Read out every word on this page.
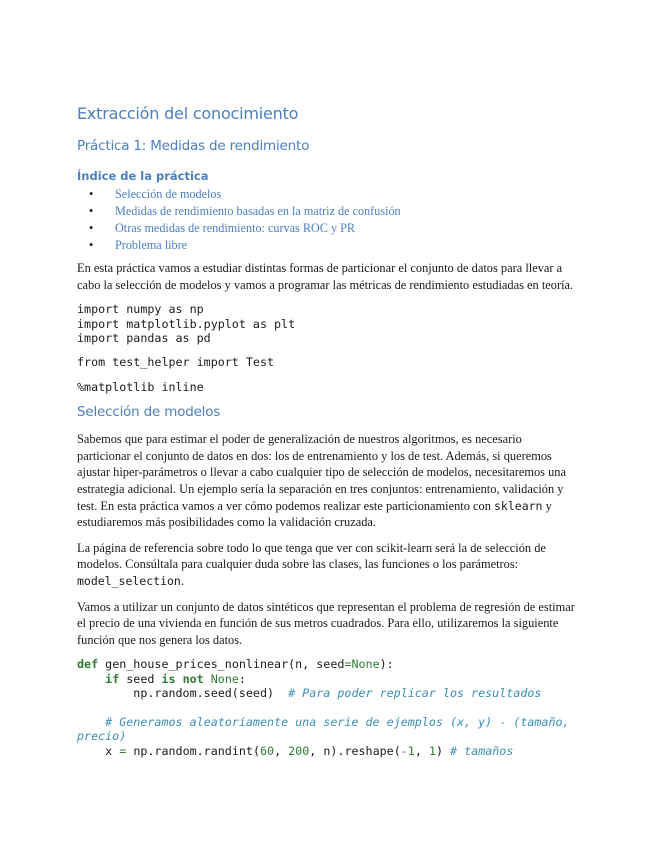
Extracción del conocimiento
Práctica 1: Medidas de rendimiento
Índice de la práctica
• Selección de modelos
• Medidas de rendimiento basadas en la matriz de confusión
• Otras medidas de rendimiento: curvas ROC y PR
• Problema libre

En esta práctica vamos a estudiar distintas formas de particionar el conjunto de datos para llevar a cabo la selección de modelos y vamos a programar las métricas de rendimiento estudiadas en teoría.

import numpy as np
import matplotlib.pyplot as plt
import pandas as pd
from test_helper import Test
%matplotlib inline
Selección de modelos

Sabemos que para estimar el poder de generalización de nuestros algoritmos, es necesario particionar el conjunto de datos en dos: los de entrenamiento y los de test. Además, si queremos ajustar hiper-parámetros o llevar a cabo cualquier tipo de selección de modelos, necesitaremos una estrategia adicional. Un ejemplo sería la separación en tres conjuntos: entrenamiento, validación y test. En esta práctica vamos a ver cómo podemos realizar este particionamiento con sklearn y estudiaremos más posibilidades como la validación cruzada.

La página de referencia sobre todo lo que tenga que ver con scikit-learn será la de selección de modelos. Consúltala para cualquier duda sobre las clases, las funciones o los parámetros: model_selection.

Vamos a utilizar un conjunto de datos sintéticos que representan el problema de regresión de estimar el precio de una vivienda en función de sus metros cuadrados. Para ello, utilizaremos la siguiente función que nos genera los datos.

def gen_house_prices_nonlinear(n, seed=None):
if seed is not None:
np.random.seed(seed)  # Para poder replicar los resultados

# Generamos aleatoriamente una serie de ejemplos (x, y) - (tamaño,
precio)
x = np.random.randint(60, 200, n).reshape(-1, 1) # tamaños
